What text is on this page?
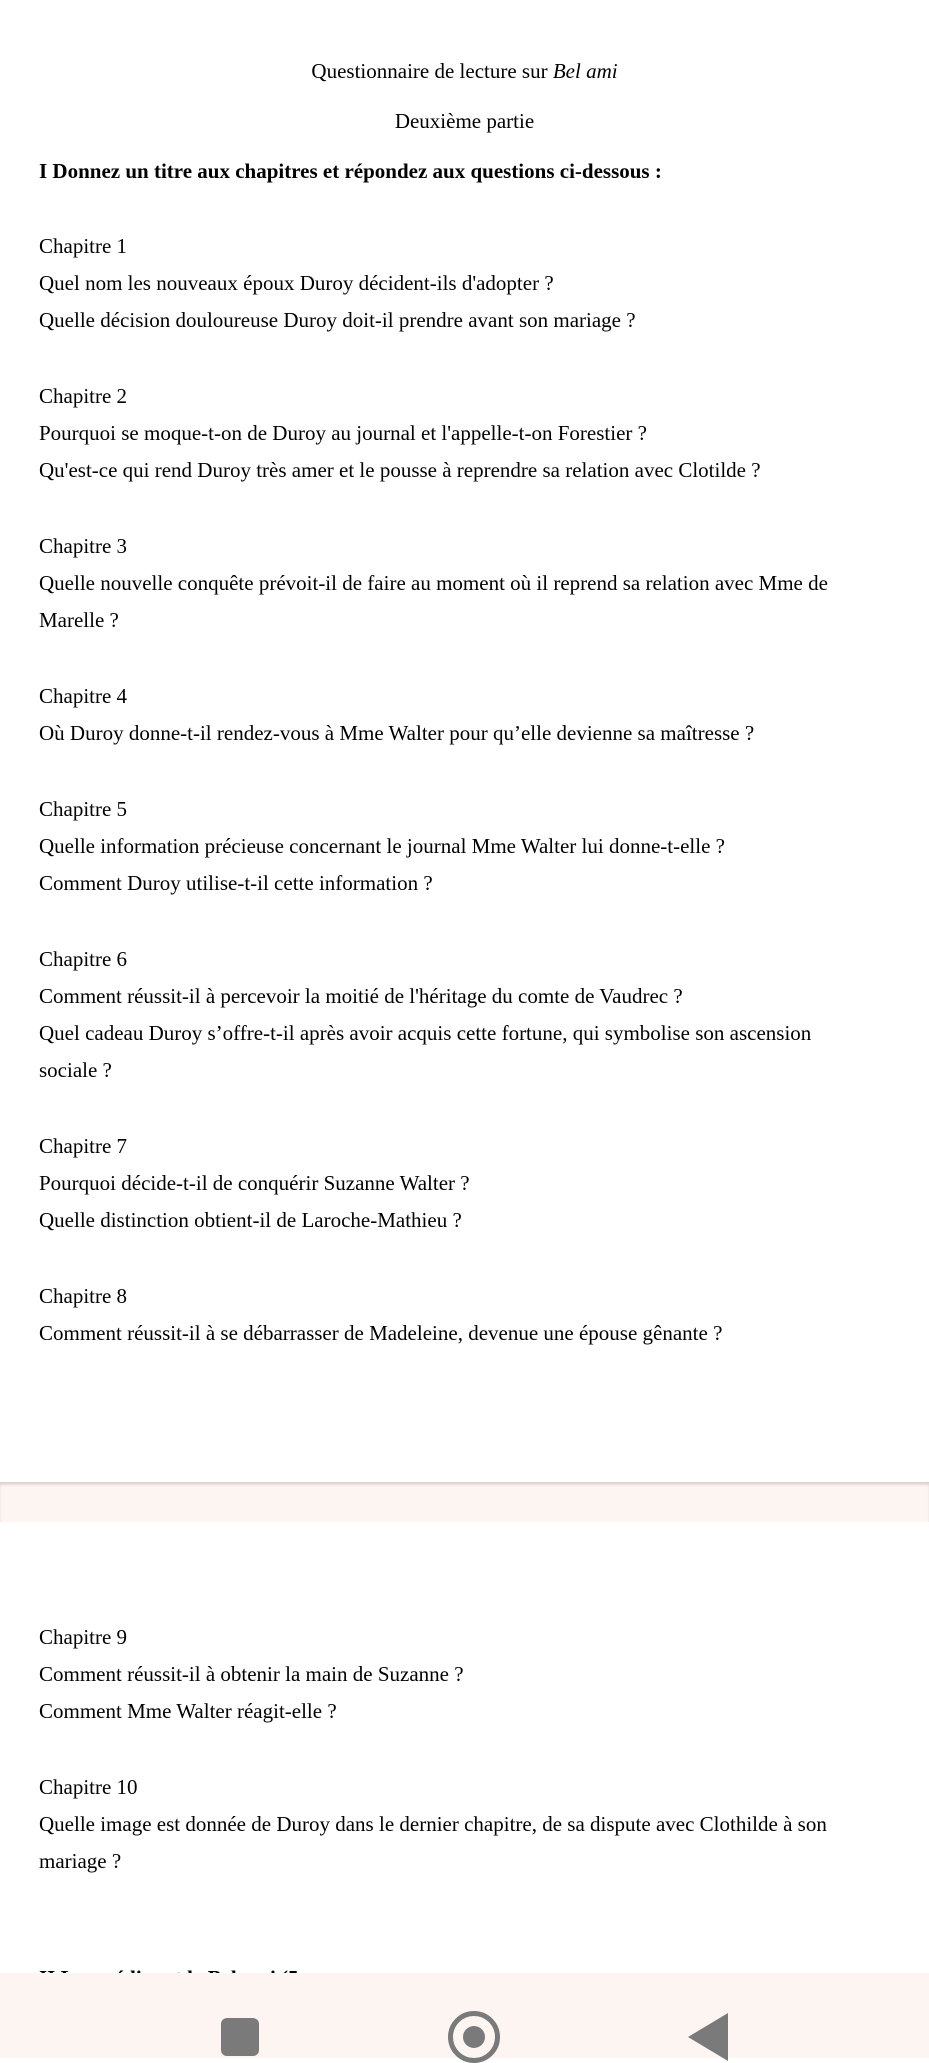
Questionnaire de lecture sur Bel ami
Deuxième partie
I Donnez un titre aux chapitres et répondez aux questions ci-dessous :
Chapitre 1
Quel nom les nouveaux époux Duroy décident-ils d'adopter ?
Quelle décision douloureuse Duroy doit-il prendre avant son mariage ?
Chapitre 2
Pourquoi se moque-t-on de Duroy au journal et l'appelle-t-on Forestier ?
Qu'est-ce qui rend Duroy très amer et le pousse à reprendre sa relation avec Clotilde ?
Chapitre 3
Quelle nouvelle conquête prévoit-il de faire au moment où il reprend sa relation avec Mme de
Marelle ?
Chapitre 4
Où Duroy donne-t-il rendez-vous à Mme Walter pour qu’elle devienne sa maîtresse ?
Chapitre 5
Quelle information précieuse concernant le journal Mme Walter lui donne-t-elle ?
Comment Duroy utilise-t-il cette information ?
Chapitre 6
Comment réussit-il à percevoir la moitié de l'héritage du comte de Vaudrec ?
Quel cadeau Duroy s’offre-t-il après avoir acquis cette fortune, qui symbolise son ascension
sociale ?
Chapitre 7
Pourquoi décide-t-il de conquérir Suzanne Walter ?
Quelle distinction obtient-il de Laroche-Mathieu ?
Chapitre 8
Comment réussit-il à se débarrasser de Madeleine, devenue une épouse gênante ?
Chapitre 9
Comment réussit-il à obtenir la main de Suzanne ?
Comment Mme Walter réagit-elle ?
Chapitre 10
Quelle image est donnée de Duroy dans le dernier chapitre, de sa dispute avec Clothilde à son
mariage ?
